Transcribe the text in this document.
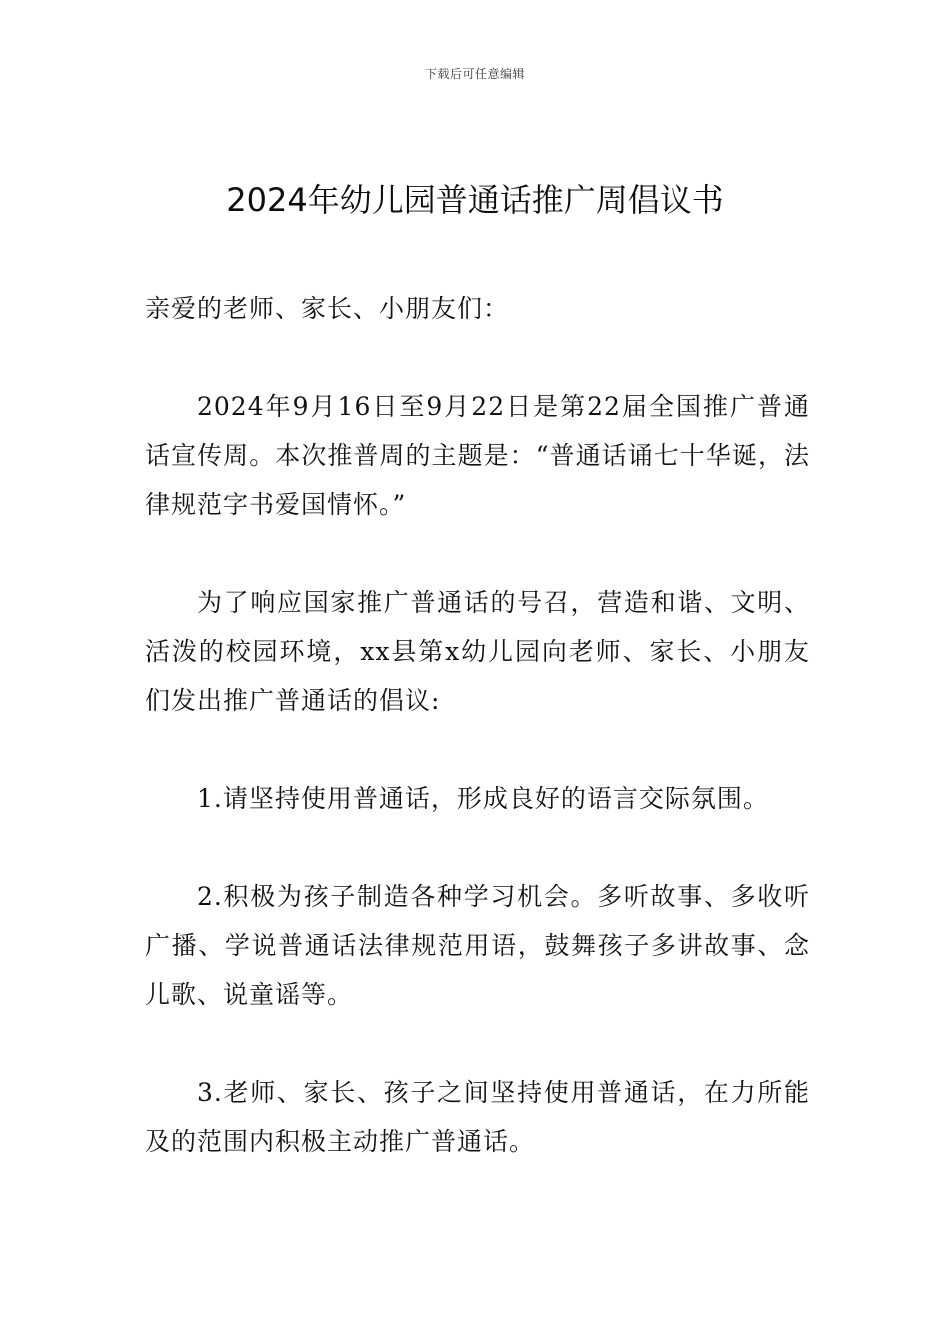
下载后可任意编辑
2024年幼儿园普通话推广周倡议书

亲爱的老师、家长、小朋友们：

2024年9月16日至9月22日是第22届全国推广普通话宣传周。本次推普周的主题是：“普通话诵七十华诞，法律规范字书爱国情怀。”

为了响应国家推广普通话的号召，营造和谐、文明、活泼的校园环境，xx县第x幼儿园向老师、家长、小朋友们发出推广普通话的倡议:

1.请坚持使用普通话，形成良好的语言交际氛围。

2.积极为孩子制造各种学习机会。多听故事、多收听广播、学说普通话法律规范用语，鼓舞孩子多讲故事、念儿歌、说童谣等。

3.老师、家长、孩子之间坚持使用普通话，在力所能及的范围内积极主动推广普通话。
